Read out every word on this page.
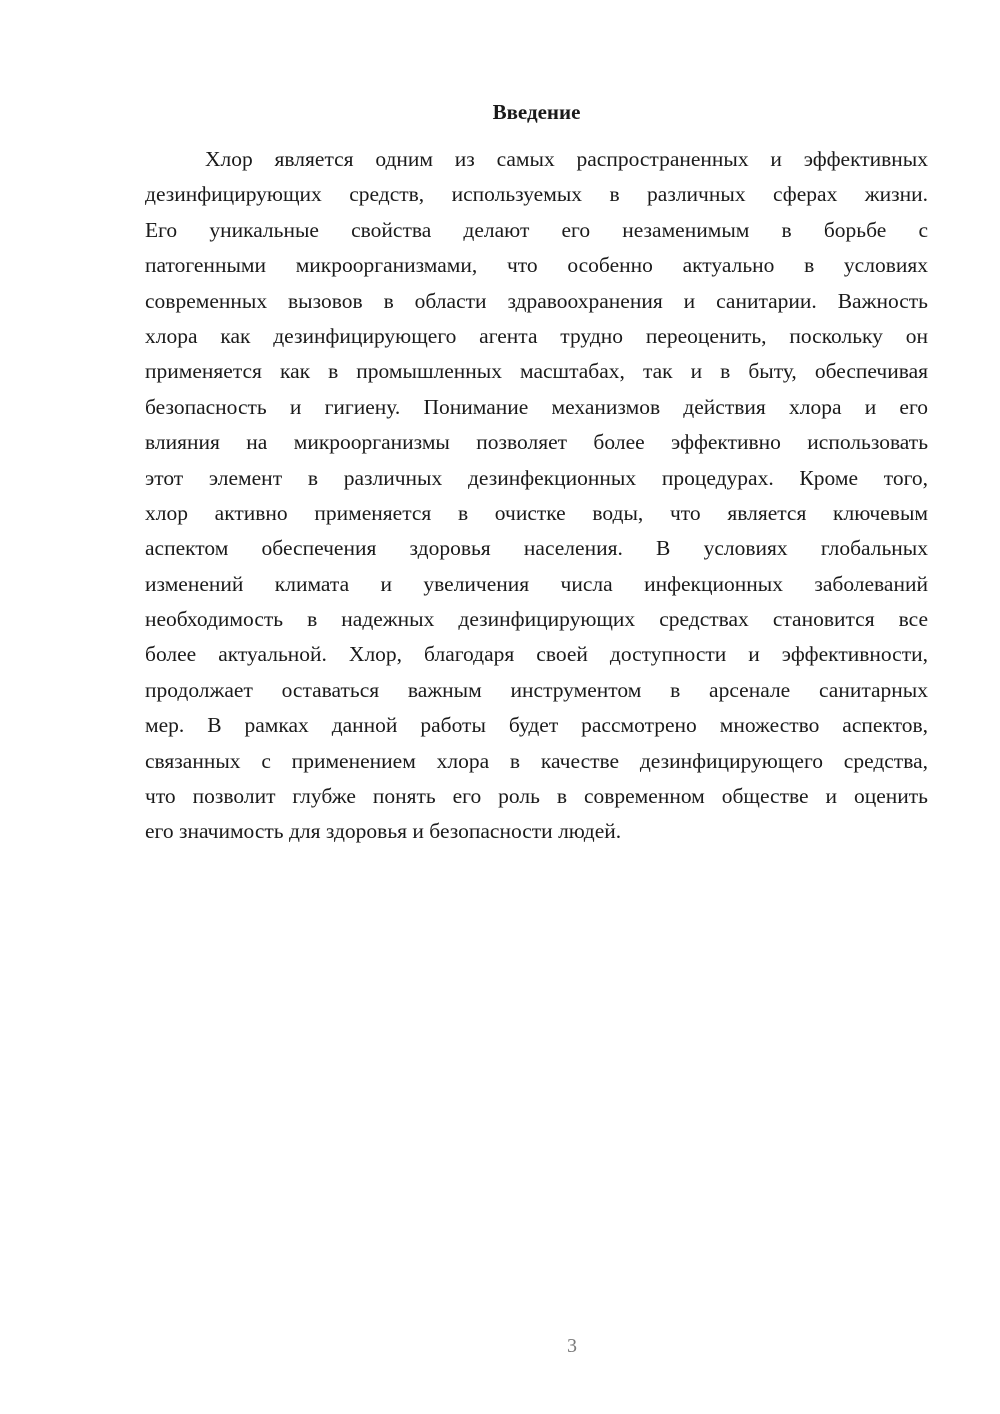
Введение
Хлор является одним из самых распространенных и эффективных
дезинфицирующих средств, используемых в различных сферах жизни.
Его уникальные свойства делают его незаменимым в борьбе с
патогенными микроорганизмами, что особенно актуально в условиях
современных вызовов в области здравоохранения и санитарии. Важность
хлора как дезинфицирующего агента трудно переоценить, поскольку он
применяется как в промышленных масштабах, так и в быту, обеспечивая
безопасность и гигиену. Понимание механизмов действия хлора и его
влияния на микроорганизмы позволяет более эффективно использовать
этот элемент в различных дезинфекционных процедурах. Кроме того,
хлор активно применяется в очистке воды, что является ключевым
аспектом обеспечения здоровья населения. В условиях глобальных
изменений климата и увеличения числа инфекционных заболеваний
необходимость в надежных дезинфицирующих средствах становится все
более актуальной. Хлор, благодаря своей доступности и эффективности,
продолжает оставаться важным инструментом в арсенале санитарных
мер. В рамках данной работы будет рассмотрено множество аспектов,
связанных с применением хлора в качестве дезинфицирующего средства,
что позволит глубже понять его роль в современном обществе и оценить
его значимость для здоровья и безопасности людей.
3
